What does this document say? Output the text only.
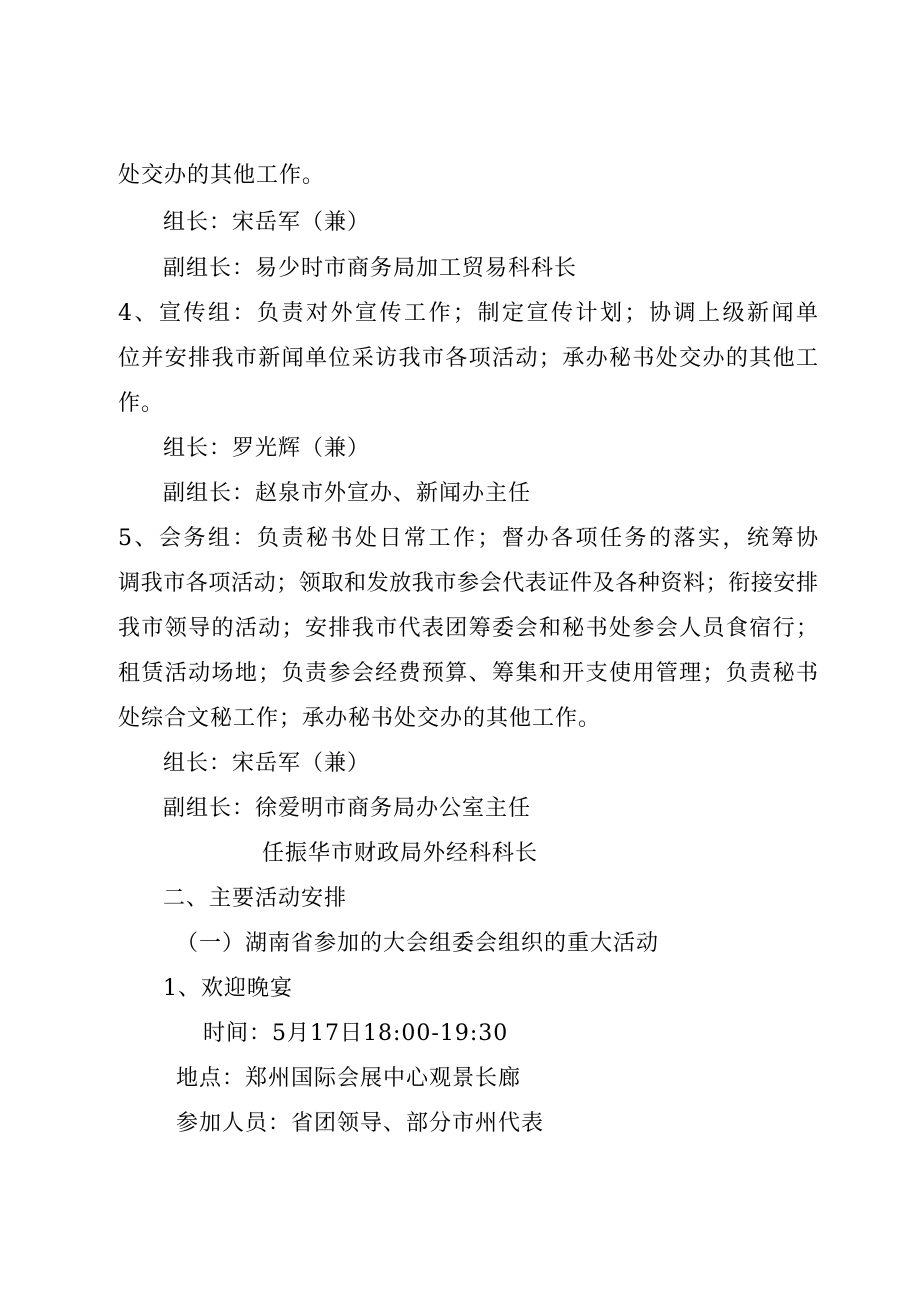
处交办的其他工作。
组长：宋岳军（兼）
副组长：易少时市商务局加工贸易科科长
4、宣传组：负责对外宣传工作；制定宣传计划；协调上级新闻单
位并安排我市新闻单位采访我市各项活动；承办秘书处交办的其他工
作。
组长：罗光辉（兼）
副组长：赵泉市外宣办、新闻办主任
5、会务组：负责秘书处日常工作；督办各项任务的落实，统筹协
调我市各项活动；领取和发放我市参会代表证件及各种资料；衔接安排
我市领导的活动；安排我市代表团筹委会和秘书处参会人员食宿行；
租赁活动场地；负责参会经费预算、筹集和开支使用管理；负责秘书
处综合文秘工作；承办秘书处交办的其他工作。
组长：宋岳军（兼）
副组长：徐爱明市商务局办公室主任
任振华市财政局外经科科长
二、主要活动安排
（一）湖南省参加的大会组委会组织的重大活动
1、欢迎晚宴
时间：5月17日18:00-19:30
地点：郑州国际会展中心观景长廊
参加人员：省团领导、部分市州代表
